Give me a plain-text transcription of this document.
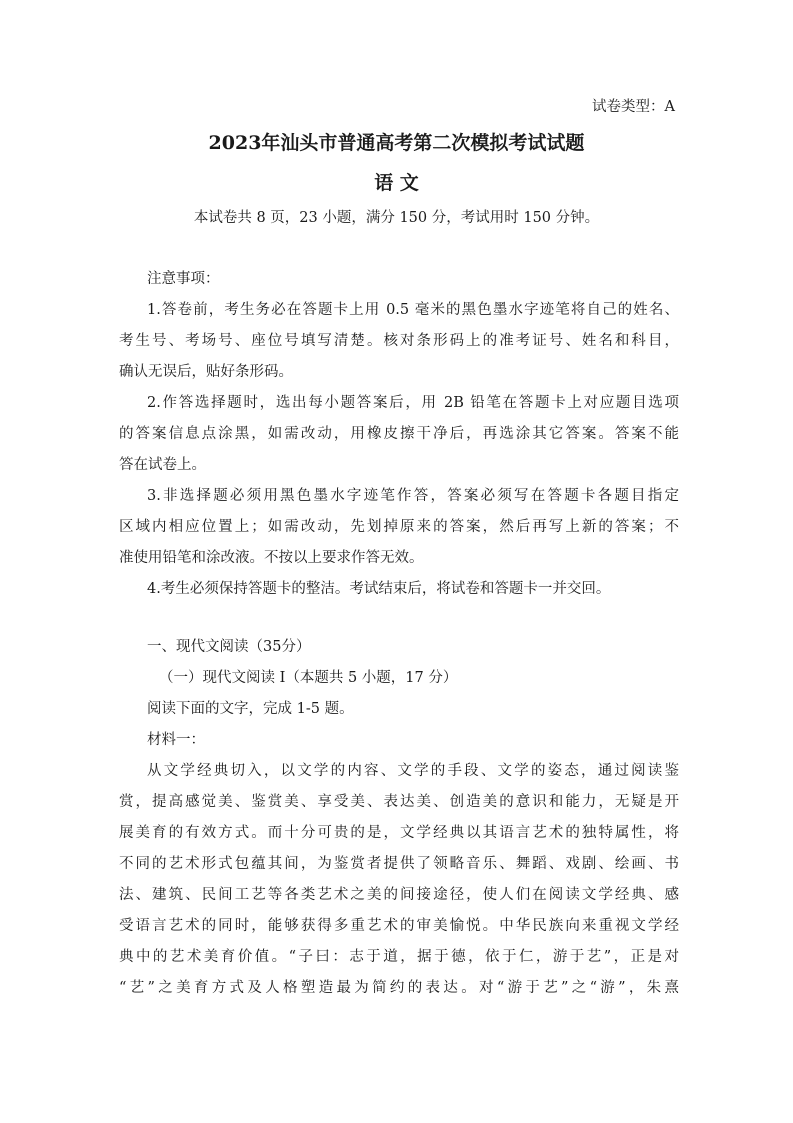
试卷类型：A
2023年汕头市普通高考第二次模拟考试试题
语 文
本试卷共 8 页，23 小题，满分 150 分，考试用时 150 分钟。
注意事项：
1.答卷前，考生务必在答题卡上用 0.5 毫米的黑色墨水字迹笔将自己的姓名、
考生号、考场号、座位号填写清楚。核对条形码上的准考证号、姓名和科目，
确认无误后，贴好条形码。
2.作答选择题时，选出每小题答案后，用 2B 铅笔在答题卡上对应题目选项
的答案信息点涂黑，如需改动，用橡皮擦干净后，再选涂其它答案。答案不能
答在试卷上。
3.非选择题必须用黑色墨水字迹笔作答，答案必须写在答题卡各题目指定
区域内相应位置上；如需改动，先划掉原来的答案，然后再写上新的答案；不
准使用铅笔和涂改液。不按以上要求作答无效。
4.考生必须保持答题卡的整洁。考试结束后，将试卷和答题卡一并交回。
一、现代文阅读（35分）
（一）现代文阅读 I（本题共 5 小题，17 分）
阅读下面的文字，完成 1-5 题。
材料一：
从文学经典切入，以文学的内容、文学的手段、文学的姿态，通过阅读鉴
赏，提高感觉美、鉴赏美、享受美、表达美、创造美的意识和能力，无疑是开
展美育的有效方式。而十分可贵的是，文学经典以其语言艺术的独特属性，将
不同的艺术形式包蕴其间，为鉴赏者提供了领略音乐、舞蹈、戏剧、绘画、书
法、建筑、民间工艺等各类艺术之美的间接途径，使人们在阅读文学经典、感
受语言艺术的同时，能够获得多重艺术的审美愉悦。中华民族向来重视文学经
典中的艺术美育价值。“子曰：志于道，据于德，依于仁，游于艺”，正是对
“艺”之美育方式及人格塑造最为简约的表达。对“游于艺”之“游”，朱熹
